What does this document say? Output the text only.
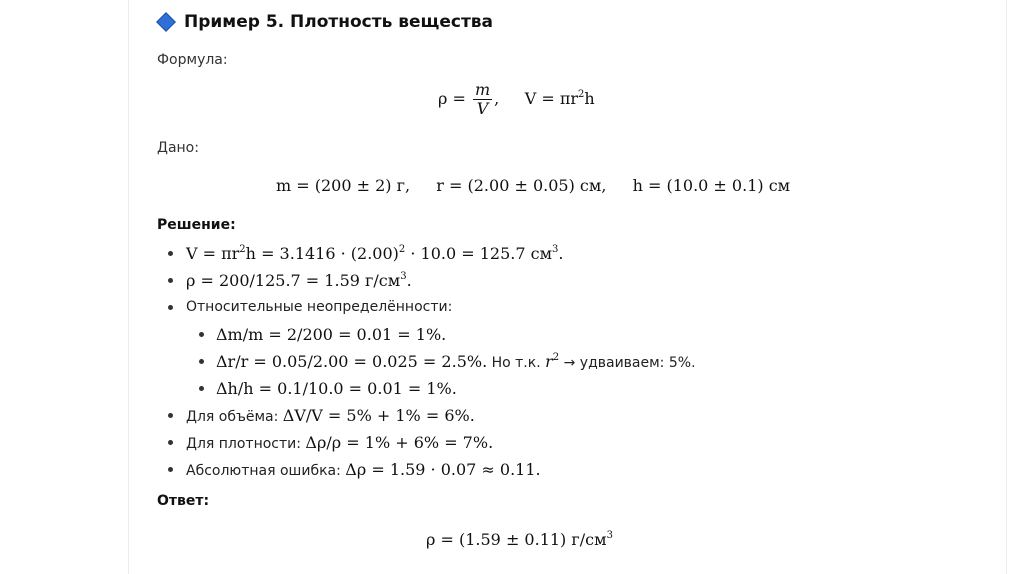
Пример 5. Плотность вещества
Формула:
$\rho = \frac{m}{V}$ ,     $V = \pi r^2h$
Дано:
m = (200 ± 2) г, r = (2.00 ± 0.05) см, h = (10.0 ± 0.1) см
Решение:
$V = \pi r^2h = 3.1416 \cdot (2.00)^2 \cdot 10.0 = 125.7$ $см^3$.
ρ = 200/125.7 = 1.59 $г/см^3$.
Относительные неопределённости:
Δm/m = 2/200 = 0.01 = 1%.
Δr/r = 0.05/2.00 = 0.025 = 2.5%. Но т.к. $r^2$ → удваиваем: 5%.
Δh/h = 0.1/10.0 = 0.01 = 1%.
Для объёма: ΔV/V = 5% + 1% = 6%.
Для плотности: Δρ/ρ = 1% + 6% = 7%.
Абсолютная ошибка: Δρ = 1.59 · 0.07 ≈ 0.11.
Ответ:
ρ = (1.59 ± 0.11) $г/см^3$
